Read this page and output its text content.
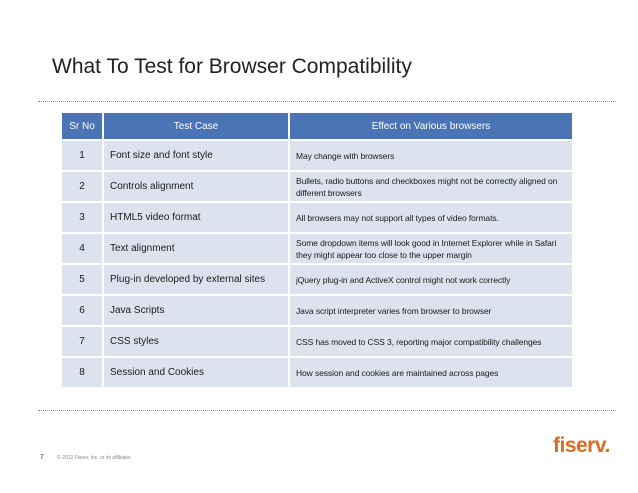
What To Test for Browser Compatibility
Sr No	Test Case	Effect on Various browsers
1	Font size and font style	May change with browsers
2	Controls alignment	Bullets, radio buttons and checkboxes might not be correctly aligned on different browsers
3	HTML5 video format	All browsers may not support all types of video formats.
4	Text alignment	Some dropdown items will look good in Internet Explorer while in Safari they might appear too close to the upper margin
5	Plug-in developed by external sites	jQuery plug-in and ActiveX control might not work correctly
6	Java Scripts	Java script interpreter varies from browser to browser
7	CSS styles	CSS has moved to CSS 3, reporting major compatibility challenges
8	Session and Cookies	How session and cookies are maintained across pages
7	© 2012 Fiserv, Inc. or its affiliates
fiserv.
